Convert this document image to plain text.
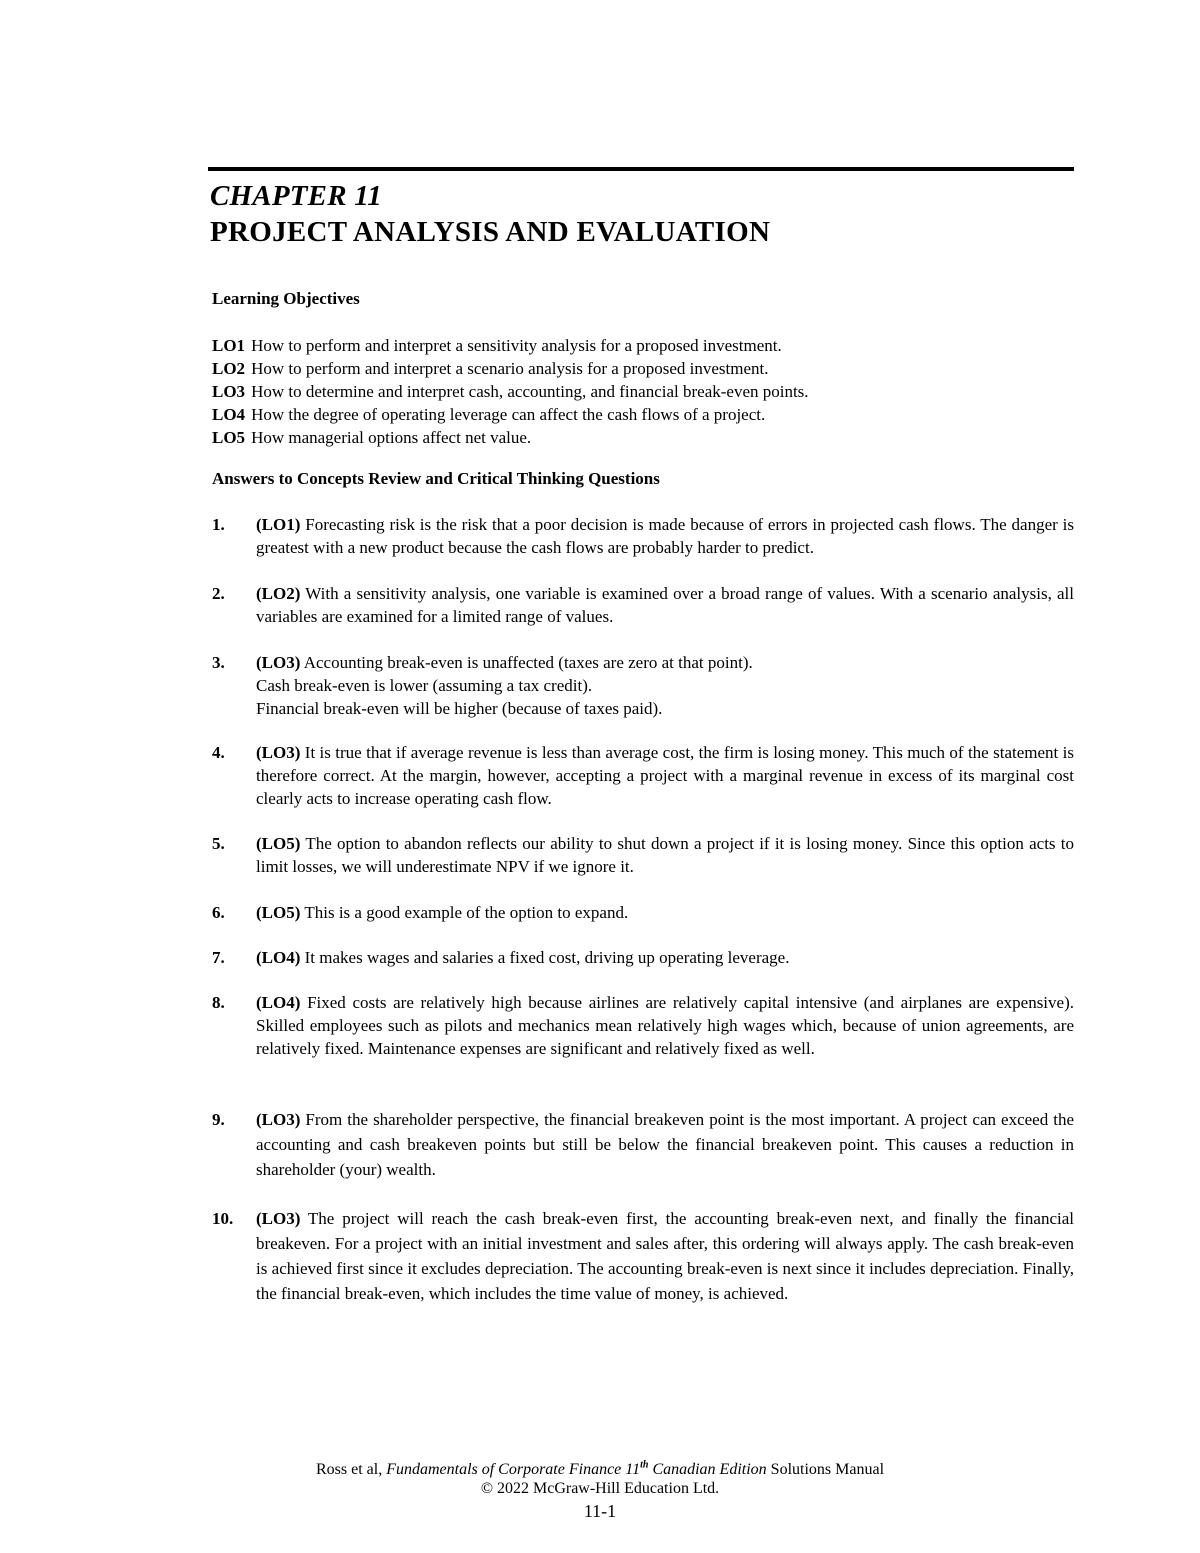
CHAPTER 11
PROJECT ANALYSIS AND EVALUATION
Learning Objectives
LO1 How to perform and interpret a sensitivity analysis for a proposed investment.
LO2 How to perform and interpret a scenario analysis for a proposed investment.
LO3 How to determine and interpret cash, accounting, and financial break-even points.
LO4 How the degree of operating leverage can affect the cash flows of a project.
LO5 How managerial options affect net value.
Answers to Concepts Review and Critical Thinking Questions
1. (LO1) Forecasting risk is the risk that a poor decision is made because of errors in projected cash flows. The danger is greatest with a new product because the cash flows are probably harder to predict.
2. (LO2) With a sensitivity analysis, one variable is examined over a broad range of values. With a scenario analysis, all variables are examined for a limited range of values.
3. (LO3) Accounting break-even is unaffected (taxes are zero at that point).
Cash break-even is lower (assuming a tax credit).
Financial break-even will be higher (because of taxes paid).
4. (LO3) It is true that if average revenue is less than average cost, the firm is losing money. This much of the statement is therefore correct. At the margin, however, accepting a project with a marginal revenue in excess of its marginal cost clearly acts to increase operating cash flow.
5. (LO5) The option to abandon reflects our ability to shut down a project if it is losing money. Since this option acts to limit losses, we will underestimate NPV if we ignore it.
6. (LO5) This is a good example of the option to expand.
7. (LO4) It makes wages and salaries a fixed cost, driving up operating leverage.
8. (LO4) Fixed costs are relatively high because airlines are relatively capital intensive (and airplanes are expensive). Skilled employees such as pilots and mechanics mean relatively high wages which, because of union agreements, are relatively fixed. Maintenance expenses are significant and relatively fixed as well.
9. (LO3) From the shareholder perspective, the financial breakeven point is the most important. A project can exceed the accounting and cash breakeven points but still be below the financial breakeven point. This causes a reduction in shareholder (your) wealth.
10. (LO3) The project will reach the cash break-even first, the accounting break-even next, and finally the financial breakeven. For a project with an initial investment and sales after, this ordering will always apply. The cash break-even is achieved first since it excludes depreciation. The accounting break-even is next since it includes depreciation. Finally, the financial break-even, which includes the time value of money, is achieved.
Ross et al, Fundamentals of Corporate Finance 11th Canadian Edition Solutions Manual
© 2022 McGraw-Hill Education Ltd.
11-1
